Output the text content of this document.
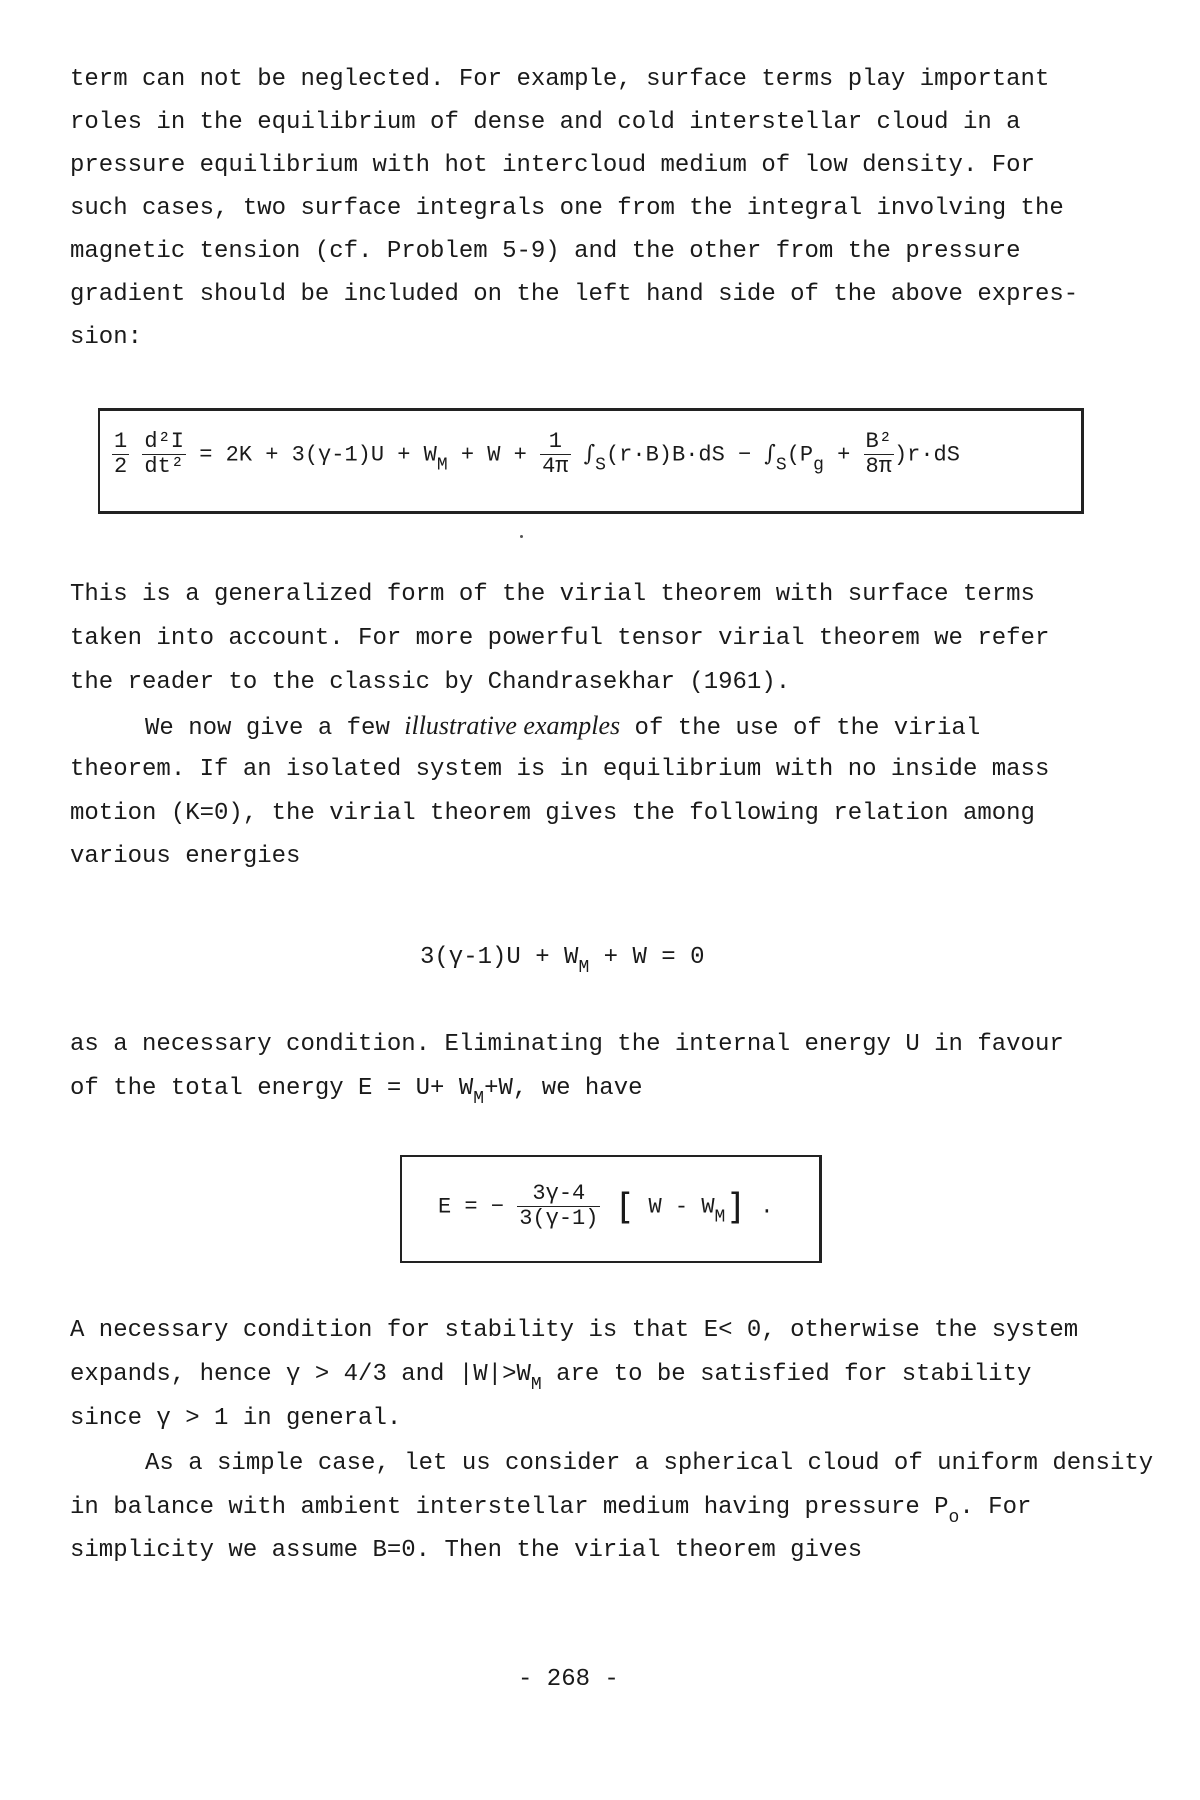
term can not be neglected. For example, surface terms play important
roles in the equilibrium of dense and cold interstellar cloud in a
pressure equilibrium with hot intercloud medium of low density. For
such cases, two surface integrals one from the integral involving the
magnetic tension (cf. Problem 5-9) and the other from the pressure
gradient should be included on the left hand side of the above expres-
sion:
$\frac{1}{2}$
$\frac{\text{d²I}}{\text{dt²}} = 2K + 3(\gamma-1)U + W_M + W + \frac{1}{4\pi} \int_S(r\cdot B)B\cdot dS - \int_S(P_g + \frac{\text{B²}}{8\pi} )r\cdot dS$
This is a generalized form of the virial theorem with surface terms
taken into account. For more powerful tensor virial theorem we refer
the reader to the classic by Chandrasekhar (1961).
We now give a few illustrative examples of the use of the virial
theorem. If an isolated system is in equilibrium with no inside mass
motion (K=0), the virial theorem gives the following relation among
various energies
$3(\gamma-1)U + W_M + W = 0$
as a necessary condition. Eliminating the internal energy U in favour
of the total energy $E = U+ W_M+W$, we have
E = − $\frac{3\gamma-4}{3(\gamma-1)}$ [ W - $W_M$] .
A necessary condition for stability is that E< 0, otherwise the system
expands, hence γ > 4/3 and $|W|>W_M$ are to be satisfied for stability
since γ > 1 in general.
As a simple case, let us consider a spherical cloud of uniform density
in balance with ambient interstellar medium having pressure $P_o$. For
simplicity we assume B=0. Then the virial theorem gives
- 268 -
